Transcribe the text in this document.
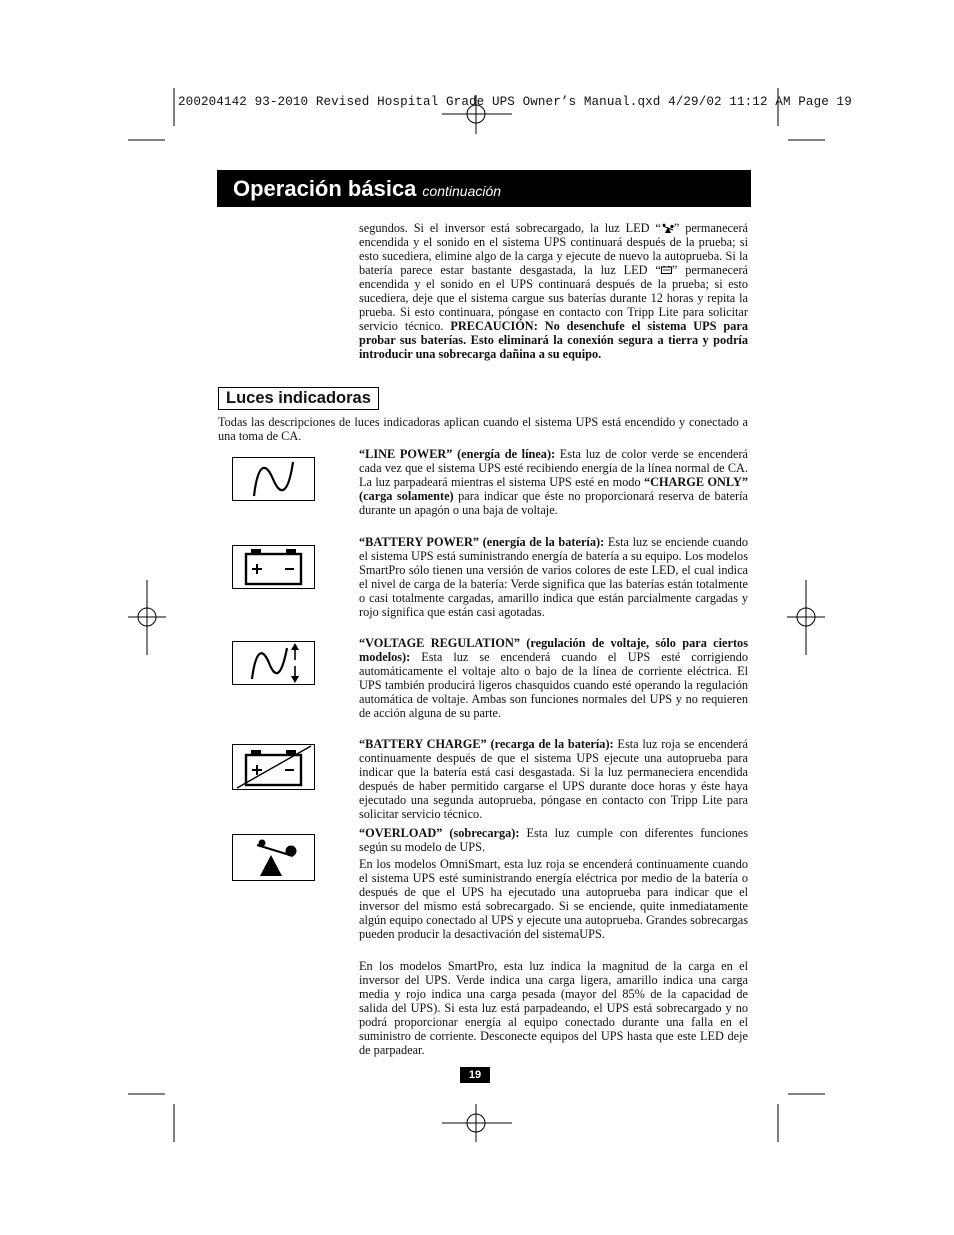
200204142 93-2010 Revised Hospital Grade UPS Owner’s Manual.qxd 4/29/02 11:12 AM Page 19
Operación básica continuación

segundos. Si el inversor está sobrecargado, la luz LED “ ” permanecerá encendida y el sonido en el sistema UPS continuará después de la prueba; si esto sucediera, elimine algo de la carga y ejecute de nuevo la autoprueba. Si la batería parece estar bastante desgastada, la luz LED “ ” permanecerá encendida y el sonido en el UPS continuará después de la prueba; si esto sucediera, deje que el sistema cargue sus baterías durante 12 horas y repita la prueba. Si esto continuara, póngase en contacto con Tripp Lite para solicitar servicio técnico. PRECAUCIÓN: No desenchufe el sistema UPS para probar sus baterías. Esto eliminará la conexión segura a tierra y podría introducir una sobrecarga dañina a su equipo.

Luces indicadoras

Todas las descripciones de luces indicadoras aplican cuando el sistema UPS está encendido y conectado a una toma de CA.

“LINE POWER” (energía de línea): Esta luz de color verde se encenderá cada vez que el sistema UPS esté recibiendo energía de la línea normal de CA. La luz parpadeará mientras el sistema UPS esté en modo “CHARGE ONLY” (carga solamente) para indicar que éste no proporcionará reserva de batería durante un apagón o una baja de voltaje.

“BATTERY POWER” (energía de la batería): Esta luz se enciende cuando el sistema UPS está suministrando energía de batería a su equipo. Los modelos SmartPro sólo tienen una versión de varios colores de este LED, el cual indica el nivel de carga de la batería: Verde significa que las baterías están totalmente o casi totalmente cargadas, amarillo indica que están parcialmente cargadas y rojo significa que están casi agotadas.

“VOLTAGE REGULATION” (regulación de voltaje, sólo para ciertos modelos): Esta luz se encenderá cuando el UPS esté corrigiendo automáticamente el voltaje alto o bajo de la línea de corriente eléctrica. El UPS también producirá ligeros chasquidos cuando esté operando la regulación automática de voltaje. Ambas son funciones normales del UPS y no requieren de acción alguna de su parte.

“BATTERY CHARGE” (recarga de la batería): Esta luz roja se encenderá continuamente después de que el sistema UPS ejecute una autoprueba para indicar que la batería está casi desgastada. Si la luz permaneciera encendida después de haber permitido cargarse el UPS durante doce horas y éste haya ejecutado una segunda autoprueba, póngase en contacto con Tripp Lite para solicitar servicio técnico.

“OVERLOAD” (sobrecarga): Esta luz cumple con diferentes funciones según su modelo de UPS.

En los modelos OmniSmart, esta luz roja se encenderá continuamente cuando el sistema UPS esté suministrando energía eléctrica por medio de la batería o después de que el UPS ha ejecutado una autoprueba para indicar que el inversor del mismo está sobrecargado. Si se enciende, quite inmediatamente algún equipo conectado al UPS y ejecute una autoprueba. Grandes sobrecargas pueden producir la desactivación del sistemaUPS.

En los modelos SmartPro, esta luz indica la magnitud de la carga en el inversor del UPS. Verde indica una carga ligera, amarillo indica una carga media y rojo indica una carga pesada (mayor del 85% de la capacidad de salida del UPS). Si esta luz está parpadeando, el UPS está sobrecargado y no podrá proporcionar energía al equipo conectado durante una falla en el suministro de corriente. Desconecte equipos del UPS hasta que este LED deje de parpadear.

19
